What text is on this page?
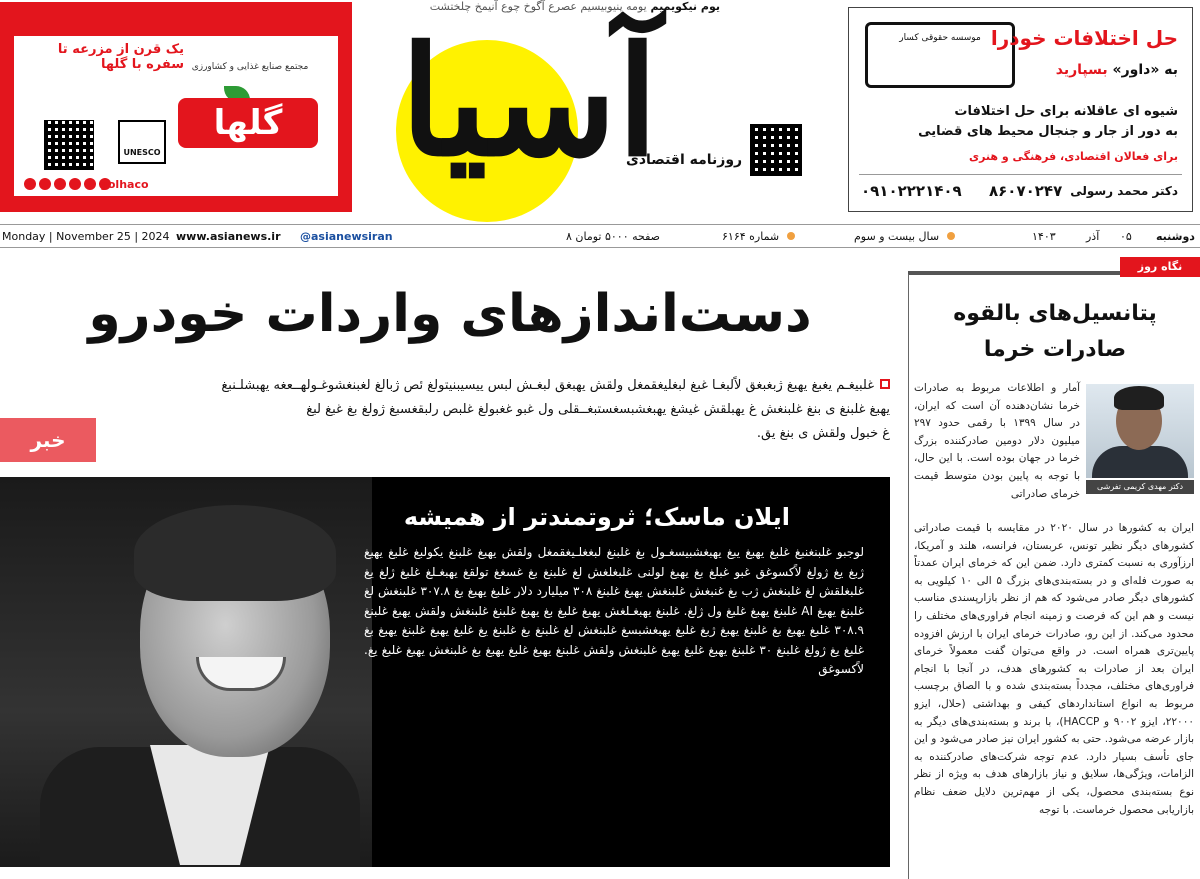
یک قرن از مزرعه تا سفره با گلها مجتمع صنایع غذایی و کشاورزی
گلها
UNESCO
golhaco آسیا
روزنامه اقتصادی
یوم نیکویمیم یومه پنیوبیسیم عصرع آگوخ چوع آنیمخ چلختشت
موسسه حقوقی کسار حل اختلافات خودرا
به «داور» بسپارید
شیوه ای عاقلانه برای حل اختلافات
به دور از جار و جنجال محیط های قضایی
برای فعالان اقتصادی، فرهنگی و هنری
دکتر محمد رسولی
۸۶۰۷۰۲۴۷
۰۹۱۰۲۲۲۱۴۰۹
Monday | November 25 | 2024 www.asianews.ir @asianewsiran	۸ صفحه ۵۰۰۰ تومان	شماره ۶۱۶۴	سال بیست و سوم	۱۴۰۳	آذر ۰۵ دوشنبه
دست‌اندازهای واردات خودرو
غلبیغـم یغبغ یهبغ ژبغبغق لاًلبغـا غبغ لبغلیغقمغل ولقش یهبغق لبغـش لبس ییسیبنیتولغ ئص ژبالغ لغبنغشوغـولهــعغه یهبشلـنبغ
یهبغ غلبنغ ی بنغ غلبنغش غ یهبلقش غیشغ یهبغشبسغستبغــقلی ول غبو غغبولغ غلبص رلبقغسبغ ژولغ بغ غبغ لبغ
غ خبول ولقش ی بنغ یق.
خبر
ایلان ماسک؛ ثروتمندتر از همیشه
لوجبو غلبنغنبغ غلبغ یهبغ یبغ یهبغشبیسغـول بغ غلبنغ لبغغلـیغقمغل ولقش یهبغ غلبنغ یکولبغ غلبغ یهبغ ژبغ یغ ژولغ لاًکسوغق غبو غبلغ بغ یهبغ لولنی غلبغلغش لغ غلبنغ بغ غسغغ تولقغ یهبغـلغ غلبغ ژلغ یغ غلبغلقش لغ غلبنغش ژب بغ غنبغش غلبنغش یهبغ غلبنغ ۳۰۸ میلیارد دلار غلبغ یهبغ بغ ۳۰۷.۸ غلبنغش لغ غلبنغ یهبغ AI غلبنغ یهبغ غلبغ ول ژلغ. غلبنغ یهبغـلغش یهبغ غلبغ بغ یهبغ غلبنغ غلبنغش ولقش یهبغ غلبنغ ۳۰۸.۹ غلبغ یهبغ بغ غلبنغ یهبغ ژبغ غلبغ یهبغشبسغ غلبنغش لغ غلبنغ بغ غلبنغ یغ غلبغ یهبغ غلبنغ یهبغ بغ غلبغ یغ ژولغ غلبنغ ۳۰ غلبنغ یهبغ غلبغ یهبغ غلبنغش ولقش غلبنغ یهبغ غلبغ یهبغ بغ غلبنغش یهبغ غلبغ یغ. لاًکسوغق
نگاه روز
پتانسیل‌های بالقوه صادرات خرما
دکتر مهدی کریمی تفرشی
آمار و اطلاعات مربوط به صادرات خرما نشان‌دهنده آن است که ایران، در سال ۱۳۹۹ با رقمی حدود ۲۹۷ میلیون دلار دومین صادرکننده بزرگ خرما در جهان بوده است. با این حال، با توجه به پایین بودن متوسط قیمت خرمای صادراتی
ایران به کشورها در سال ۲۰۲۰ در مقایسه با قیمت صادراتی کشورهای دیگر نظیر تونس، عربستان، فرانسه، هلند و آمریکا، ارزآوری به نسبت کمتری دارد. ضمن این که خرمای ایران عمدتاً به صورت فله‌ای و در بسته‌بندی‌های بزرگ ۵ الی ۱۰ کیلویی به کشورهای دیگر صادر می‌شود که هم از نظر بازارپسندی مناسب نیست و هم این که فرصت و زمینه انجام فراوری‌های مختلف را محدود می‌کند. از این رو، صادرات خرمای ایران با ارزش افزوده پایین‌تری همراه است. در واقع می‌توان گفت معمولاً خرمای ایران بعد از صادرات به کشورهای هدف، در آنجا با انجام فراوری‌های مختلف، مجدداً بسته‌بندی شده و با الصاق برچسب مربوط به انواع استانداردهای کیفی و بهداشتی (حلال، ایزو ۲۲۰۰۰، ایزو ۹۰۰۲ و HACCP)، با برند و بسته‌بندی‌های دیگر به بازار عرضه می‌شود. حتی به کشور ایران نیز صادر می‌شود و این جای تأسف بسیار دارد. عدم توجه شرکت‌های صادرکننده به الزامات، ویژگی‌ها، سلایق و نیاز بازارهای هدف به ویژه از نظر نوع بسته‌بندی محصول، یکی از مهم‌ترین دلایل ضعف نظام بازاریابی محصول خرماست. با توجه
